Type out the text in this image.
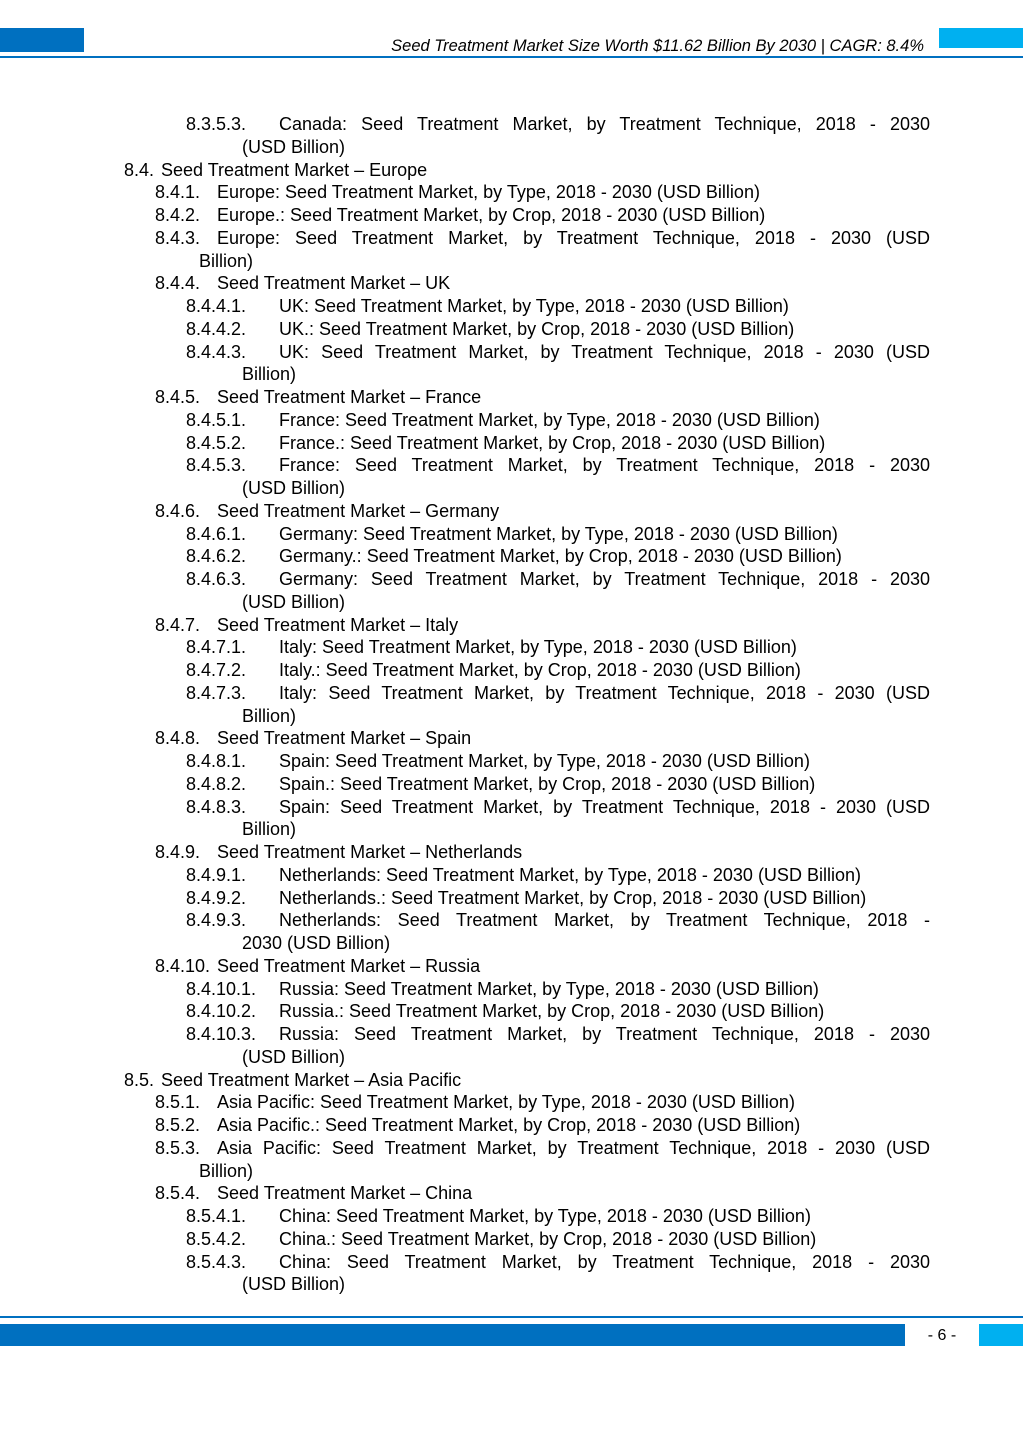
Seed Treatment Market Size Worth $11.62 Billion By 2030 | CAGR: 8.4%
8.3.5.3. Canada: Seed Treatment Market, by Treatment Technique, 2018 - 2030
(USD Billion)
8.4. Seed Treatment Market – Europe
8.4.1. Europe: Seed Treatment Market, by Type, 2018 - 2030 (USD Billion)
8.4.2. Europe.: Seed Treatment Market, by Crop, 2018 - 2030 (USD Billion)
8.4.3. Europe: Seed Treatment Market, by Treatment Technique, 2018 - 2030 (USD
Billion)
8.4.4. Seed Treatment Market – UK
8.4.4.1. UK: Seed Treatment Market, by Type, 2018 - 2030 (USD Billion)
8.4.4.2. UK.: Seed Treatment Market, by Crop, 2018 - 2030 (USD Billion)
8.4.4.3. UK: Seed Treatment Market, by Treatment Technique, 2018 - 2030 (USD
Billion)
8.4.5. Seed Treatment Market – France
8.4.5.1. France: Seed Treatment Market, by Type, 2018 - 2030 (USD Billion)
8.4.5.2. France.: Seed Treatment Market, by Crop, 2018 - 2030 (USD Billion)
8.4.5.3. France: Seed Treatment Market, by Treatment Technique, 2018 - 2030
(USD Billion)
8.4.6. Seed Treatment Market – Germany
8.4.6.1. Germany: Seed Treatment Market, by Type, 2018 - 2030 (USD Billion)
8.4.6.2. Germany.: Seed Treatment Market, by Crop, 2018 - 2030 (USD Billion)
8.4.6.3. Germany: Seed Treatment Market, by Treatment Technique, 2018 - 2030
(USD Billion)
8.4.7. Seed Treatment Market – Italy
8.4.7.1. Italy: Seed Treatment Market, by Type, 2018 - 2030 (USD Billion)
8.4.7.2. Italy.: Seed Treatment Market, by Crop, 2018 - 2030 (USD Billion)
8.4.7.3. Italy: Seed Treatment Market, by Treatment Technique, 2018 - 2030 (USD
Billion)
8.4.8. Seed Treatment Market – Spain
8.4.8.1. Spain: Seed Treatment Market, by Type, 2018 - 2030 (USD Billion)
8.4.8.2. Spain.: Seed Treatment Market, by Crop, 2018 - 2030 (USD Billion)
8.4.8.3. Spain: Seed Treatment Market, by Treatment Technique, 2018 - 2030 (USD
Billion)
8.4.9. Seed Treatment Market – Netherlands
8.4.9.1. Netherlands: Seed Treatment Market, by Type, 2018 - 2030 (USD Billion)
8.4.9.2. Netherlands.: Seed Treatment Market, by Crop, 2018 - 2030 (USD Billion)
8.4.9.3. Netherlands: Seed Treatment Market, by Treatment Technique, 2018 -
2030 (USD Billion)
8.4.10. Seed Treatment Market – Russia
8.4.10.1. Russia: Seed Treatment Market, by Type, 2018 - 2030 (USD Billion)
8.4.10.2. Russia.: Seed Treatment Market, by Crop, 2018 - 2030 (USD Billion)
8.4.10.3. Russia: Seed Treatment Market, by Treatment Technique, 2018 - 2030
(USD Billion)
8.5. Seed Treatment Market – Asia Pacific
8.5.1. Asia Pacific: Seed Treatment Market, by Type, 2018 - 2030 (USD Billion)
8.5.2. Asia Pacific.: Seed Treatment Market, by Crop, 2018 - 2030 (USD Billion)
8.5.3. Asia Pacific: Seed Treatment Market, by Treatment Technique, 2018 - 2030 (USD
Billion)
8.5.4. Seed Treatment Market – China
8.5.4.1. China: Seed Treatment Market, by Type, 2018 - 2030 (USD Billion)
8.5.4.2. China.: Seed Treatment Market, by Crop, 2018 - 2030 (USD Billion)
8.5.4.3. China: Seed Treatment Market, by Treatment Technique, 2018 - 2030
(USD Billion)
- 6 -
